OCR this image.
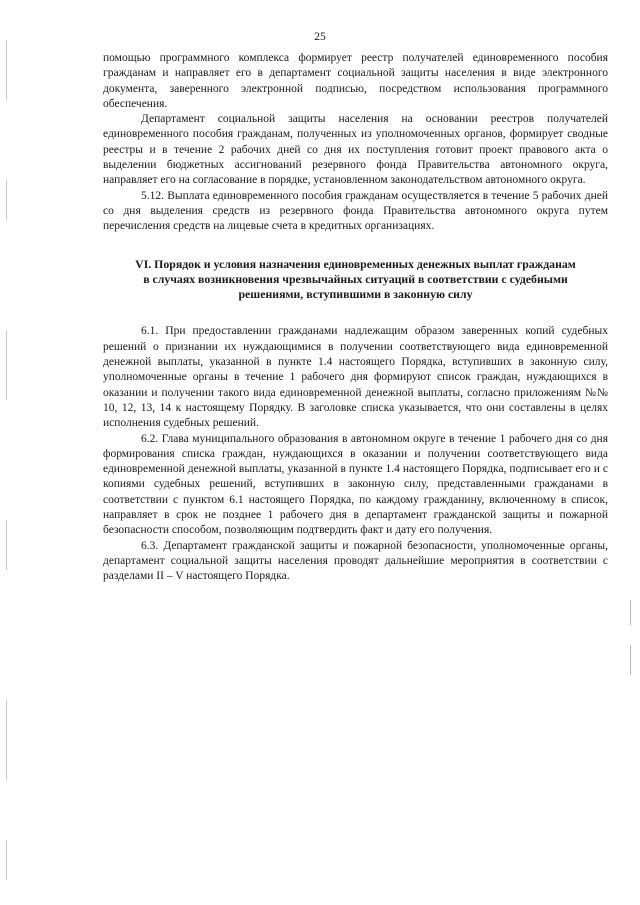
25

помощью программного комплекса формирует реестр получателей единовременного пособия гражданам и направляет его в департамент социальной защиты населения в виде электронного документа, заверенного электронной подписью, посредством использования программного обеспечения.

Департамент социальной защиты населения на основании реестров получателей единовременного пособия гражданам, полученных из уполномоченных органов, формирует сводные реестры и в течение 2 рабочих дней со дня их поступления готовит проект правового акта о выделении бюджетных ассигнований резервного фонда Правительства автономного округа, направляет его на согласование в порядке, установленном законодательством автономного округа.

5.12. Выплата единовременного пособия гражданам осуществляется в течение 5 рабочих дней со дня выделения средств из резервного фонда Правительства автономного округа путем перечисления средств на лицевые счета в кредитных организациях.

VI. Порядок и условия назначения единовременных денежных выплат гражданам в случаях возникновения чрезвычайных ситуаций в соответствии с судебными решениями, вступившими в законную силу

6.1. При предоставлении гражданами надлежащим образом заверенных копий судебных решений о признании их нуждающимися в получении соответствующего вида единовременной денежной выплаты, указанной в пункте 1.4 настоящего Порядка, вступивших в законную силу, уполномоченные органы в течение 1 рабочего дня формируют список граждан, нуждающихся в оказании и получении такого вида единовременной денежной выплаты, согласно приложениям №№ 10, 12, 13, 14 к настоящему Порядку. В заголовке списка указывается, что они составлены в целях исполнения судебных решений.

6.2. Глава муниципального образования в автономном округе в течение 1 рабочего дня со дня формирования списка граждан, нуждающихся в оказании и получении соответствующего вида единовременной денежной выплаты, указанной в пункте 1.4 настоящего Порядка, подписывает его и с копиями судебных решений, вступивших в законную силу, представленными гражданами в соответствии с пунктом 6.1 настоящего Порядка, по каждому гражданину, включенному в список, направляет в срок не позднее 1 рабочего дня в департамент гражданской защиты и пожарной безопасности способом, позволяющим подтвердить факт и дату его получения.

6.3. Департамент гражданской защиты и пожарной безопасности, уполномоченные органы, департамент социальной защиты населения проводят дальнейшие мероприятия в соответствии с разделами II – V настоящего Порядка.
